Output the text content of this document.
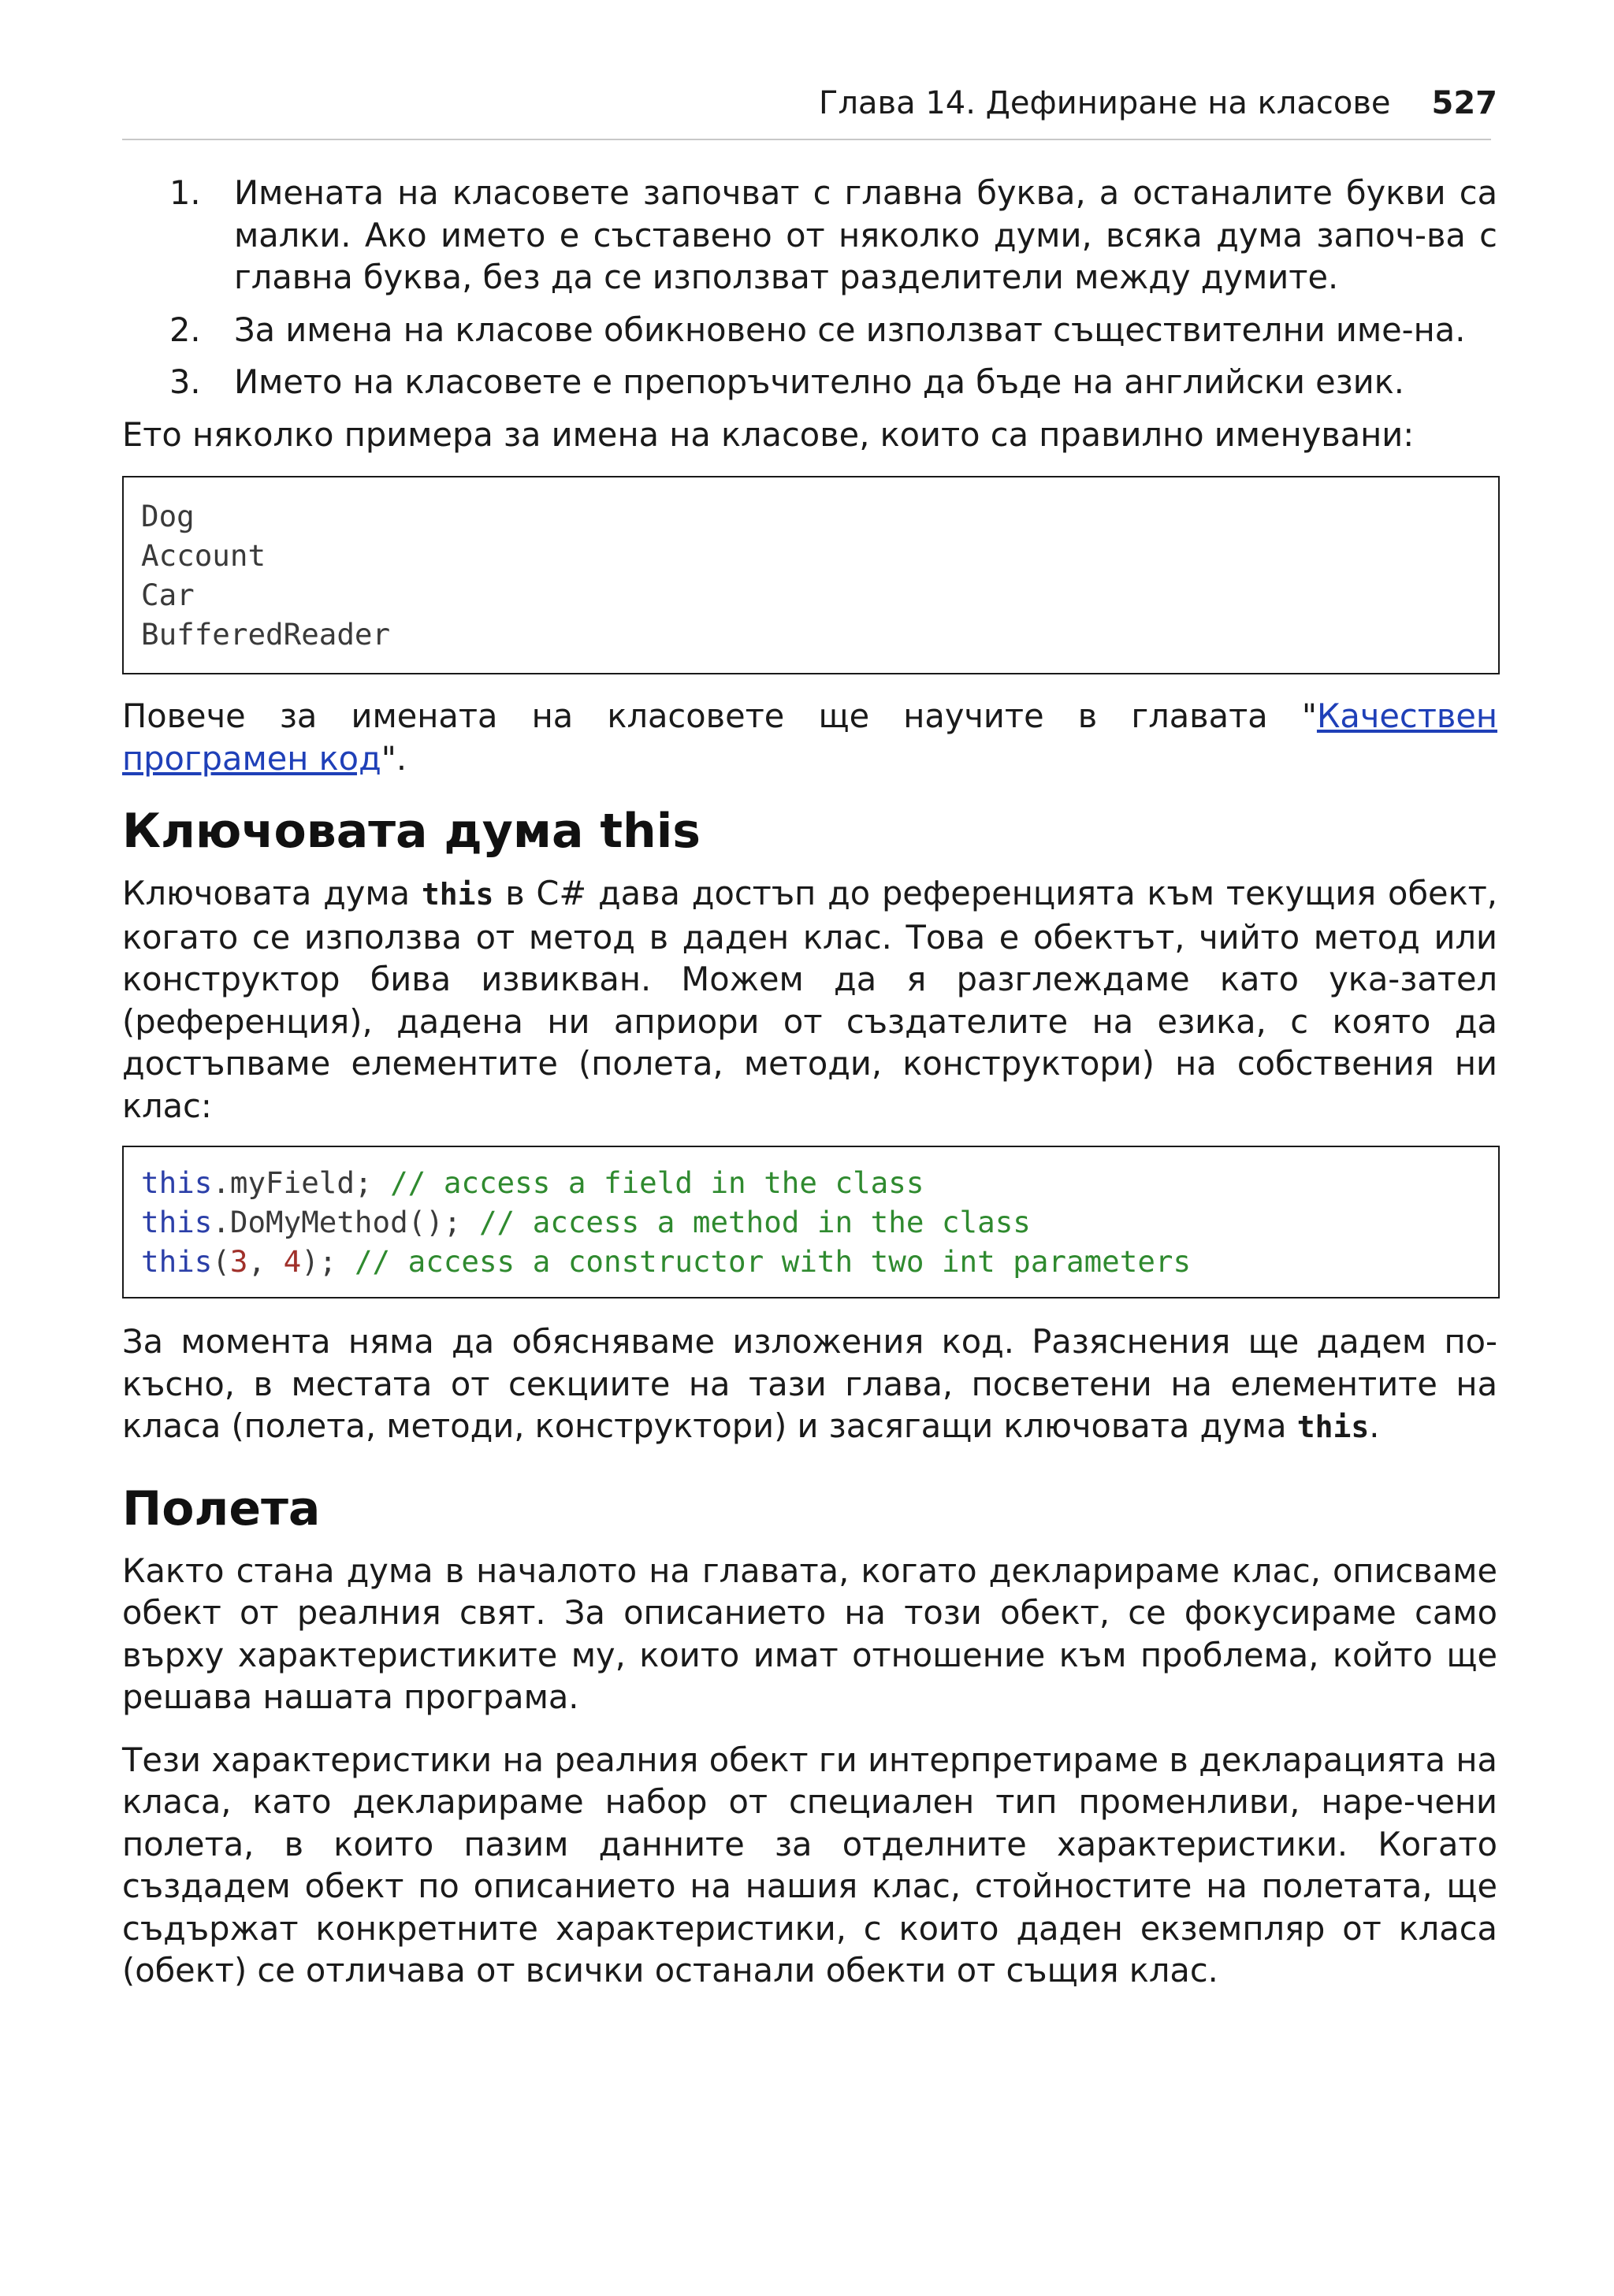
Глава 14. Дефиниране на класове 527
1. Имената на класовете започват с главна буква, а останалите букви са малки. Ако името е съставено от няколко думи, всяка дума започ-ва с главна буква, без да се използват разделители между думите.
2. За имена на класове обикновено се използват съществителни име-на.
3. Името на класовете е препоръчително да бъде на английски език.

Ето няколко примера за имена на класове, които са правилно именувани:

Dog
Account
Car
BufferedReader

Повече за имената на класовете ще научите в главата "Качествен програмен код".

Ключовата дума this

Ключовата дума this в C# дава достъп до референцията към текущия обект, когато се използва от метод в даден клас. Това е обектът, чийто метод или конструктор бива извикван. Можем да я разглеждаме като ука-зател (референция), дадена ни априори от създателите на езика, с която да достъпваме елементите (полета, методи, конструктори) на собствения ни клас:

this.myField; // access a field in the class
this.DoMyMethod(); // access a method in the class
this(3, 4); // access a constructor with two int parameters

За момента няма да обясняваме изложения код. Разяснения ще дадем по-късно, в местата от секциите на тази глава, посветени на елементите на класа (полета, методи, конструктори) и засягащи ключовата дума this.

Полета

Както стана дума в началото на главата, когато декларираме клас, описваме обект от реалния свят. За описанието на този обект, се фокусираме само върху характеристиките му, които имат отношение към проблема, който ще решава нашата програма.

Тези характеристики на реалния обект ги интерпретираме в декларацията на класа, като декларираме набор от специален тип променливи, наре-чени полета, в които пазим данните за отделните характеристики. Когато създадем обект по описанието на нашия клас, стойностите на полетата, ще съдържат конкретните характеристики, с които даден екземпляр от класа (обект) се отличава от всички останали обекти от същия клас.
